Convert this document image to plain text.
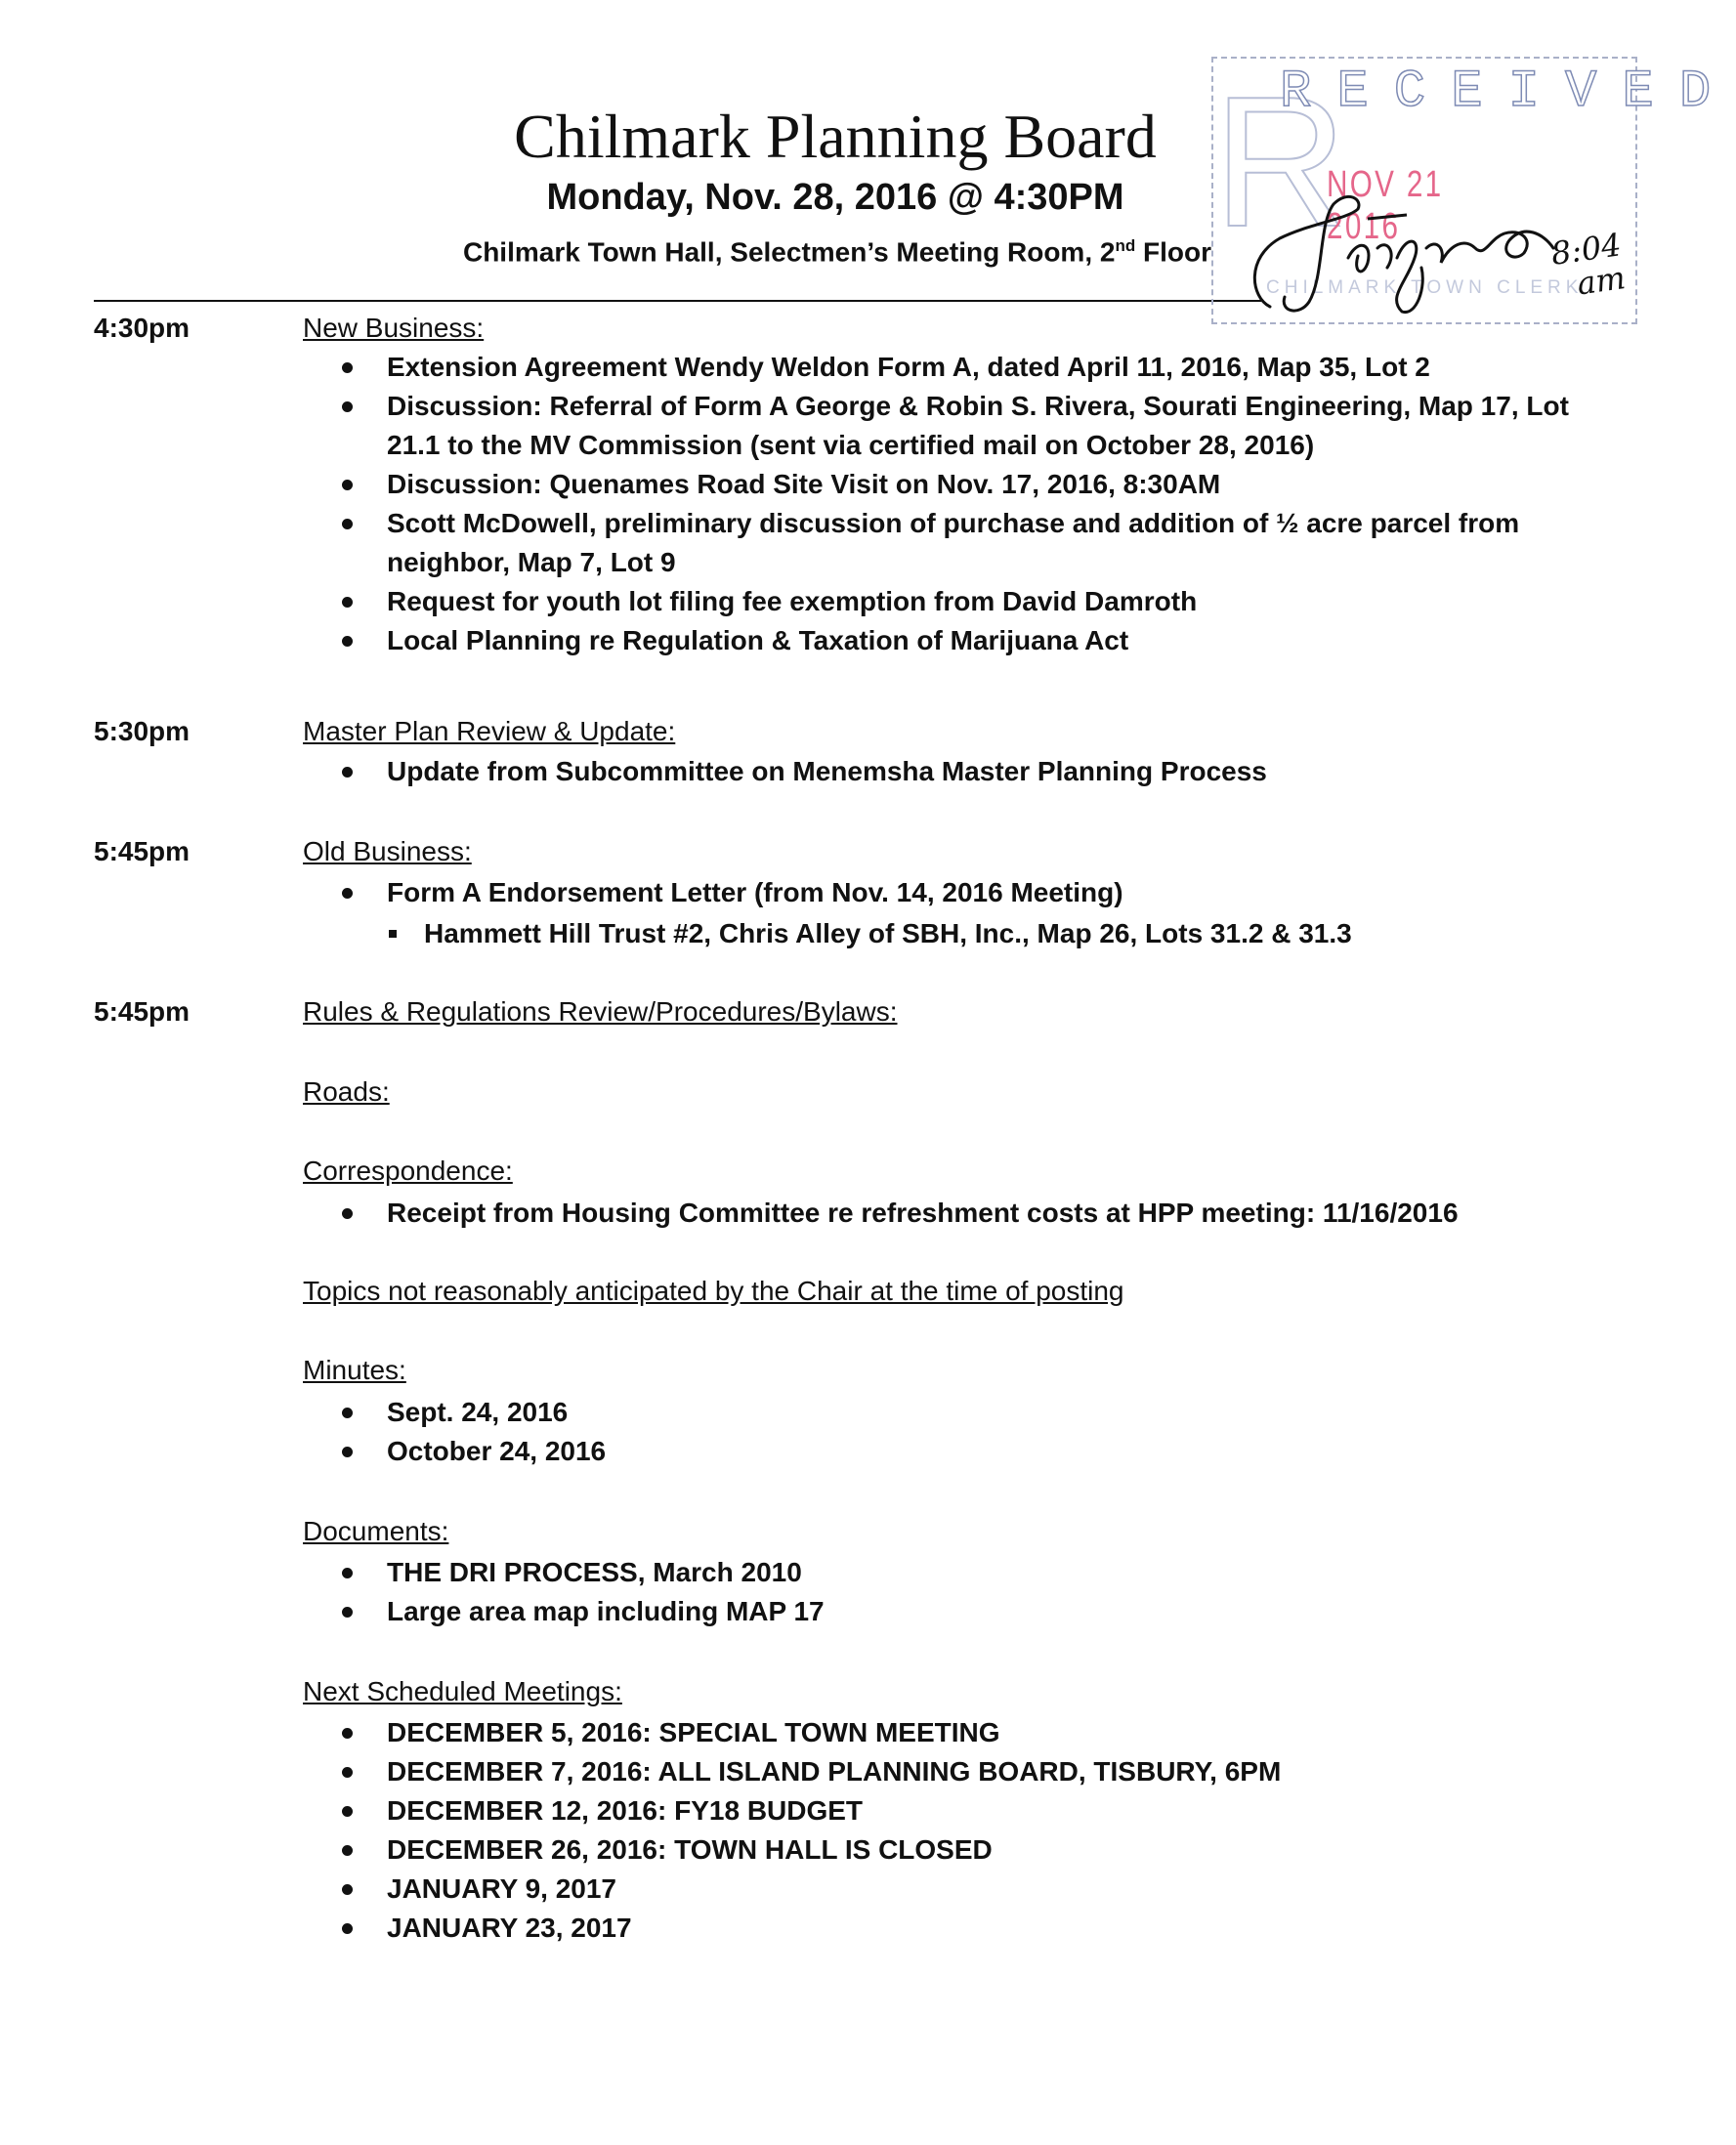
Chilmark Planning Board
Monday, Nov. 28, 2016 @ 4:30PM
Chilmark Town Hall, Selectmen’s Meeting Room, 2nd Floor R
RECEIVED
NOV 21 2016
CHILMARK TOWN CLERK
8:04
am
4:30pm	New Business:
Extension Agreement Wendy Weldon Form A, dated April 11, 2016, Map 35, Lot 2
Discussion: Referral of Form A George & Robin S. Rivera, Sourati Engineering, Map 17, Lot 21.1 to the MV Commission (sent via certified mail on October 28, 2016)
Discussion: Quenames Road Site Visit on Nov. 17, 2016, 8:30AM
Scott McDowell, preliminary discussion of purchase and addition of ½ acre parcel from neighbor, Map 7, Lot 9
Request for youth lot filing fee exemption from David Damroth
Local Planning re Regulation & Taxation of Marijuana Act
5:30pm	Master Plan Review & Update:
Update from Subcommittee on Menemsha Master Planning Process
5:45pm	Old Business:
Form A Endorsement Letter (from Nov. 14, 2016 Meeting)
Hammett Hill Trust #2, Chris Alley of SBH, Inc., Map 26, Lots 31.2 & 31.3
5:45pm	Rules & Regulations Review/Procedures/Bylaws:
Roads:
Correspondence:
Receipt from Housing Committee re refreshment costs at HPP meeting: 11/16/2016
Topics not reasonably anticipated by the Chair at the time of posting
Minutes:
Sept. 24, 2016
October 24, 2016
Documents:
THE DRI PROCESS, March 2010
Large area map including MAP 17
Next Scheduled Meetings:
DECEMBER 5, 2016: SPECIAL TOWN MEETING
DECEMBER 7, 2016: ALL ISLAND PLANNING BOARD, TISBURY, 6PM
DECEMBER 12, 2016: FY18 BUDGET
DECEMBER 26, 2016: TOWN HALL IS CLOSED
JANUARY 9, 2017
JANUARY 23, 2017
